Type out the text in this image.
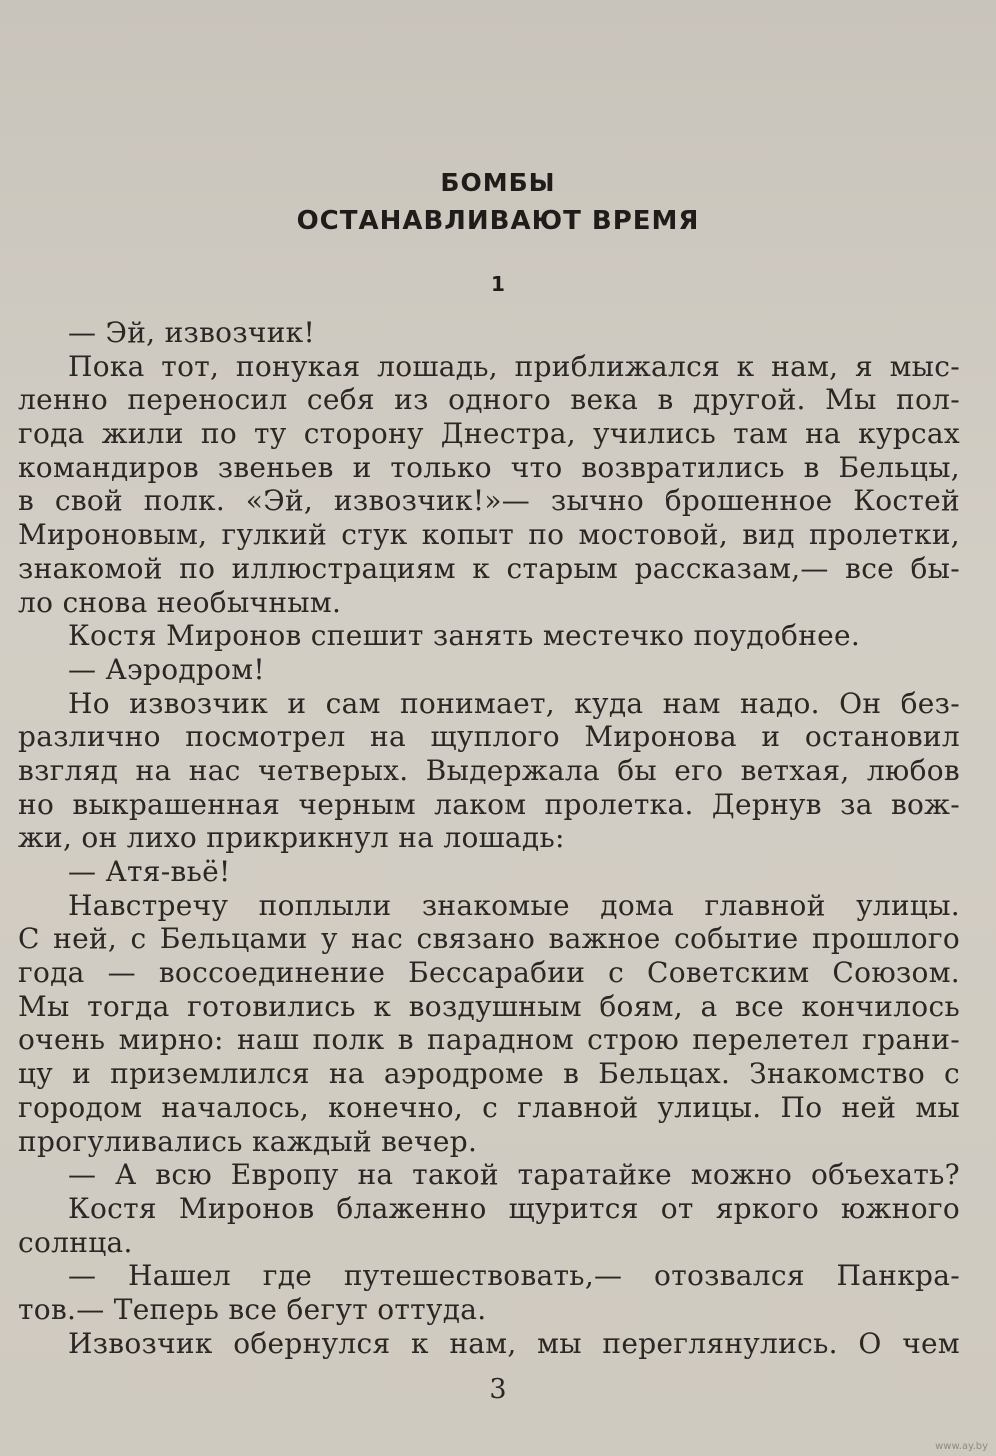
БОМБЫ
ОСТАНАВЛИВАЮТ ВРЕМЯ
1
— Эй, извозчик!
Пока тот, понукая лошадь, приближался к нам, я мыс-
ленно переносил себя из одного века в другой. Мы пол-
года жили по ту сторону Днестра, учились там на курсах
командиров звеньев и только что возвратились в Бельцы,
в свой полк. «Эй, извозчик!»— зычно брошенное Костей
Мироновым, гулкий стук копыт по мостовой, вид пролетки,
знакомой по иллюстрациям к старым рассказам,— все бы-
ло снова необычным.
Костя Миронов спешит занять местечко поудобнее.
— Аэродром!
Но извозчик и сам понимает, куда нам надо. Он без-
различно посмотрел на щуплого Миронова и остановил
взгляд на нас четверых. Выдержала бы его ветхая, любов
но выкрашенная черным лаком пролетка. Дернув за вож-
жи, он лихо прикрикнул на лошадь:
— Атя-вьё!
Навстречу поплыли знакомые дома главной улицы.
С ней, с Бельцами у нас связано важное событие прошлого
года — воссоединение Бессарабии с Советским Союзом.
Мы тогда готовились к воздушным боям, а все кончилось
очень мирно: наш полк в парадном строю перелетел грани-
цу и приземлился на аэродроме в Бельцах. Знакомство с
городом началось, конечно, с главной улицы. По ней мы
прогуливались каждый вечер.
— А всю Европу на такой таратайке можно объехать?
Костя Миронов блаженно щурится от яркого южного
солнца.
— Нашел где путешествовать,— отозвался Панкра-
тов.— Теперь все бегут оттуда.
Извозчик обернулся к нам, мы переглянулись. О чем
3
www.ay.by
